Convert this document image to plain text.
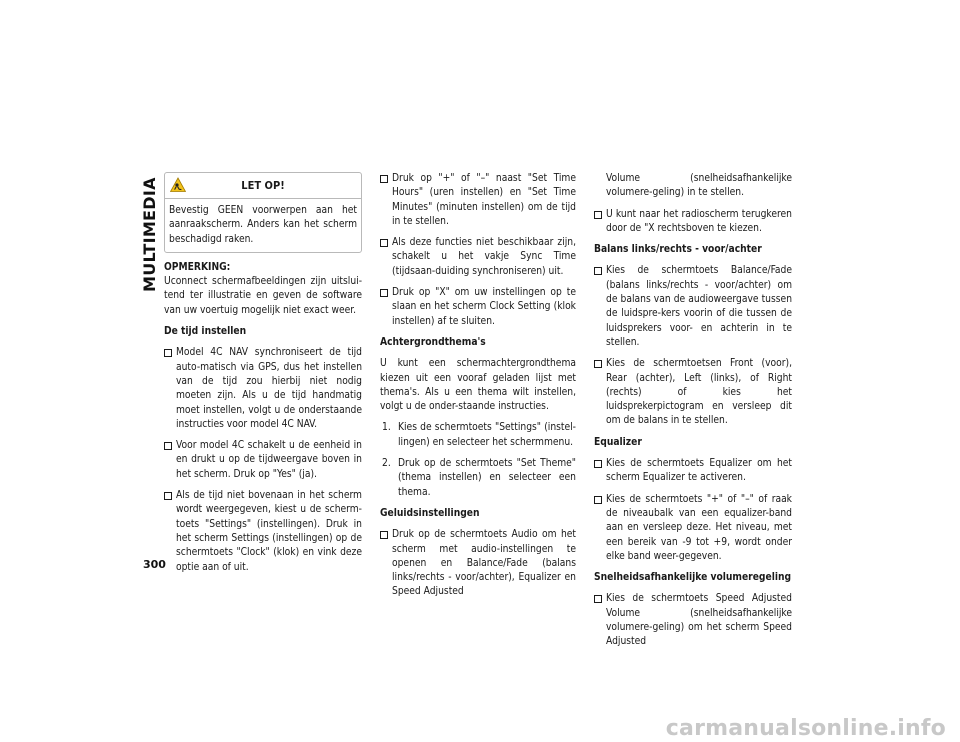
MULTIMEDIA
300
LET OP!
Bevestig GEEN voorwerpen aan het aanraakscherm. Anders kan het scherm beschadigd raken.
OPMERKING:

Uconnect schermafbeeldingen zijn uitslui-tend ter illustratie en geven de software van uw voertuig mogelijk niet exact weer.

De tijd instellen
Model 4C NAV synchroniseert de tijd auto-matisch via GPS, dus het instellen van de tijd zou hierbij niet nodig moeten zijn. Als u de tijd handmatig moet instellen, volgt u de onderstaande instructies voor model 4C NAV.
Voor model 4C schakelt u de eenheid in en drukt u op de tijdweergave boven in het scherm. Druk op "Yes" (ja).
Als de tijd niet bovenaan in het scherm wordt weergegeven, kiest u de scherm-toets "Settings" (instellingen). Druk in het scherm Settings (instellingen) op de schermtoets "Clock" (klok) en vink deze optie aan of uit.
Druk op "+" of "–" naast "Set Time Hours" (uren instellen) en "Set Time Minutes" (minuten instellen) om de tijd in te stellen.
Als deze functies niet beschikbaar zijn, schakelt u het vakje Sync Time (tijdsaan-duiding synchroniseren) uit.
Druk op "X" om uw instellingen op te slaan en het scherm Clock Setting (klok instellen) af te sluiten.
Achtergrondthema's

U kunt een schermachtergrondthema kiezen uit een vooraf geladen lijst met thema's. Als u een thema wilt instellen, volgt u de onder-staande instructies.

1. Kies de schermtoets "Settings" (instel-lingen) en selecteer het schermmenu.
2. Druk op de schermtoets "Set Theme" (thema instellen) en selecteer een thema.
Geluidsinstellingen
Druk op de schermtoets Audio om het scherm met audio-instellingen te openen en Balance/Fade (balans links/rechts - voor/achter), Equalizer en Speed Adjusted
Volume (snelheidsafhankelijke volumere-geling) in te stellen.
U kunt naar het radioscherm terugkeren door de "X rechtsboven te kiezen.
Balans links/rechts - voor/achter
Kies de schermtoets Balance/Fade (balans links/rechts - voor/achter) om de balans van de audioweergave tussen de luidspre-kers voorin of die tussen de luidsprekers voor- en achterin in te stellen.
Kies de schermtoetsen Front (voor), Rear (achter), Left (links), of Right (rechts) of kies het luidsprekerpictogram en versleep dit om de balans in te stellen.
Equalizer
Kies de schermtoets Equalizer om het scherm Equalizer te activeren.
Kies de schermtoets "+" of "–" of raak de niveaubalk van een equalizer-band aan en versleep deze. Het niveau, met een bereik van -9 tot +9, wordt onder elke band weer-gegeven.
Snelheidsafhankelijke volumeregeling
Kies de schermtoets Speed Adjusted Volume (snelheidsafhankelijke volumere-geling) om het scherm Speed Adjusted
carmanualsonline.info
